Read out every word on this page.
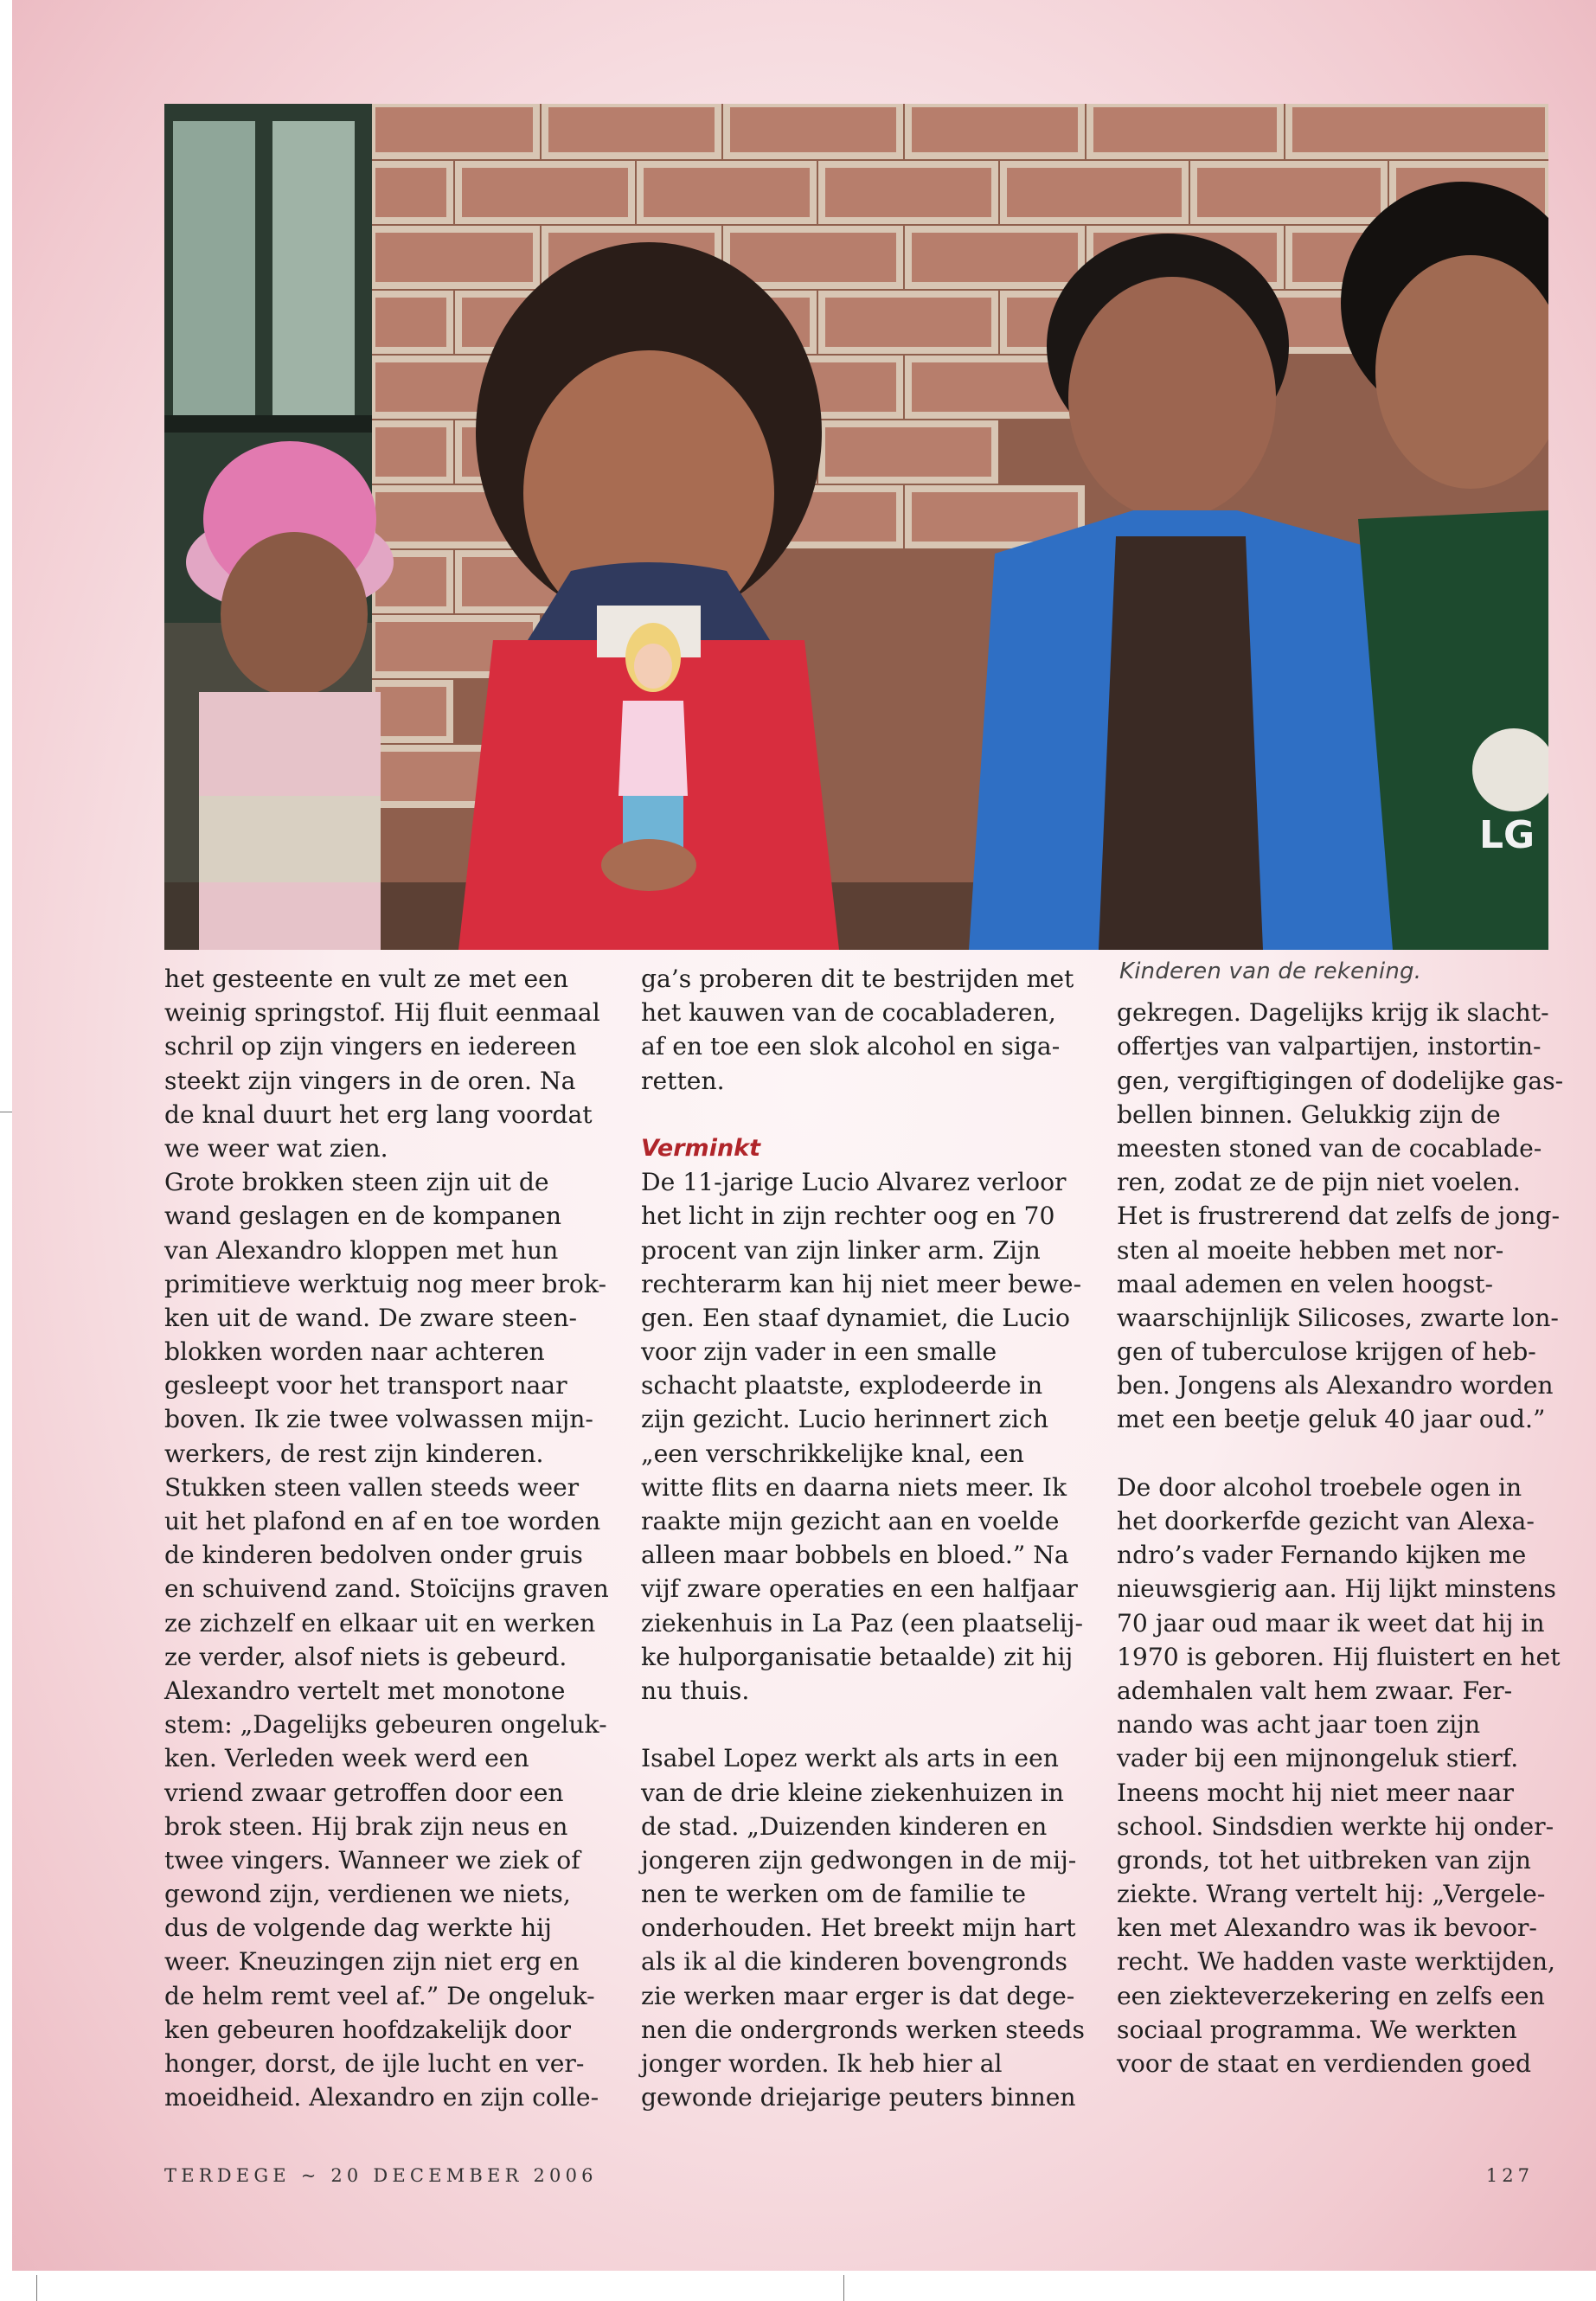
LG
Kinderen van de rekening.
het gesteente en vult ze met een
weinig springstof. Hij fluit eenmaal
schril op zijn vingers en iedereen
steekt zijn vingers in de oren. Na
de knal duurt het erg lang voordat
we weer wat zien.
Grote brokken steen zijn uit de
wand geslagen en de kompanen
van Alexandro kloppen met hun
primitieve werktuig nog meer brok-
ken uit de wand. De zware steen-
blokken worden naar achteren
gesleept voor het transport naar
boven. Ik zie twee volwassen mijn-
werkers, de rest zijn kinderen.
Stukken steen vallen steeds weer
uit het plafond en af en toe worden
de kinderen bedolven onder gruis
en schuivend zand. Stoïcijns graven
ze zichzelf en elkaar uit en werken
ze verder, alsof niets is gebeurd.
Alexandro vertelt met monotone
stem: „Dagelijks gebeuren ongeluk-
ken. Verleden week werd een
vriend zwaar getroffen door een
brok steen. Hij brak zijn neus en
twee vingers. Wanneer we ziek of
gewond zijn, verdienen we niets,
dus de volgende dag werkte hij
weer. Kneuzingen zijn niet erg en
de helm remt veel af.” De ongeluk-
ken gebeuren hoofdzakelijk door
honger, dorst, de ijle lucht en ver-
moeidheid. Alexandro en zijn colle-
ga’s proberen dit te bestrijden met
het kauwen van de cocabladeren,
af en toe een slok alcohol en siga-
retten.
Verminkt
De 11-jarige Lucio Alvarez verloor
het licht in zijn rechter oog en 70
procent van zijn linker arm. Zijn
rechterarm kan hij niet meer bewe-
gen. Een staaf dynamiet, die Lucio
voor zijn vader in een smalle
schacht plaatste, explodeerde in
zijn gezicht. Lucio herinnert zich
„een verschrikkelijke knal, een
witte flits en daarna niets meer. Ik
raakte mijn gezicht aan en voelde
alleen maar bobbels en bloed.” Na
vijf zware operaties en een halfjaar
ziekenhuis in La Paz (een plaatselij-
ke hulporganisatie betaalde) zit hij
nu thuis.
Isabel Lopez werkt als arts in een
van de drie kleine ziekenhuizen in
de stad. „Duizenden kinderen en
jongeren zijn gedwongen in de mij-
nen te werken om de familie te
onderhouden. Het breekt mijn hart
als ik al die kinderen bovengronds
zie werken maar erger is dat dege-
nen die ondergronds werken steeds
jonger worden. Ik heb hier al
gewonde driejarige peuters binnen
gekregen. Dagelijks krijg ik slacht-
offertjes van valpartijen, instortin-
gen, vergiftigingen of dodelijke gas-
bellen binnen. Gelukkig zijn de
meesten stoned van de cocablade-
ren, zodat ze de pijn niet voelen.
Het is frustrerend dat zelfs de jong-
sten al moeite hebben met nor-
maal ademen en velen hoogst-
waarschijnlijk Silicoses, zwarte lon-
gen of tuberculose krijgen of heb-
ben. Jongens als Alexandro worden
met een beetje geluk 40 jaar oud.”
De door alcohol troebele ogen in
het doorkerfde gezicht van Alexa-
ndro’s vader Fernando kijken me
nieuwsgierig aan. Hij lijkt minstens
70 jaar oud maar ik weet dat hij in
1970 is geboren. Hij fluistert en het
ademhalen valt hem zwaar. Fer-
nando was acht jaar toen zijn
vader bij een mijnongeluk stierf.
Ineens mocht hij niet meer naar
school. Sindsdien werkte hij onder-
gronds, tot het uitbreken van zijn
ziekte. Wrang vertelt hij: „Vergele-
ken met Alexandro was ik bevoor-
recht. We hadden vaste werktijden,
een ziekteverzekering en zelfs een
sociaal programma. We werkten
voor de staat en verdienden goed
TERDEGE ~ 20 DECEMBER 2006	127
